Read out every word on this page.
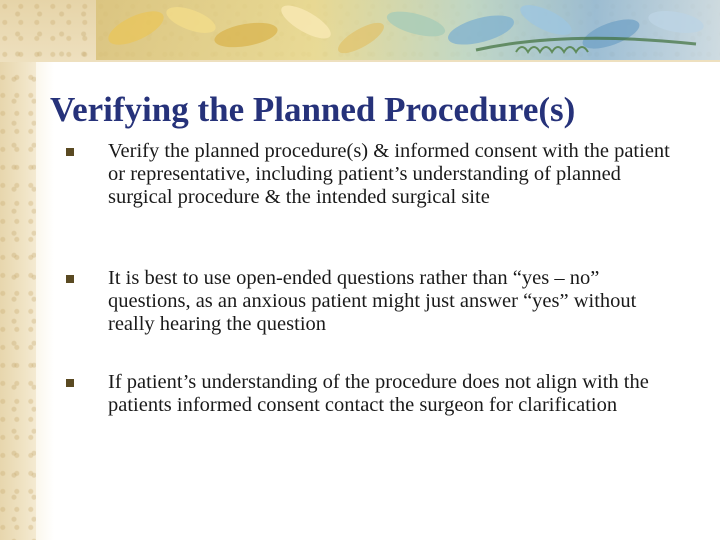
Verifying the Planned Procedure(s)
Verify the planned procedure(s) & informed consent with the patient or representative, including patient’s understanding of planned surgical procedure & the intended surgical site
It is best to use open-ended questions rather than “yes – no” questions, as an anxious patient might just answer “yes” without really hearing the question
If patient’s understanding of the procedure does not align with the patients informed consent contact the surgeon for clarification
